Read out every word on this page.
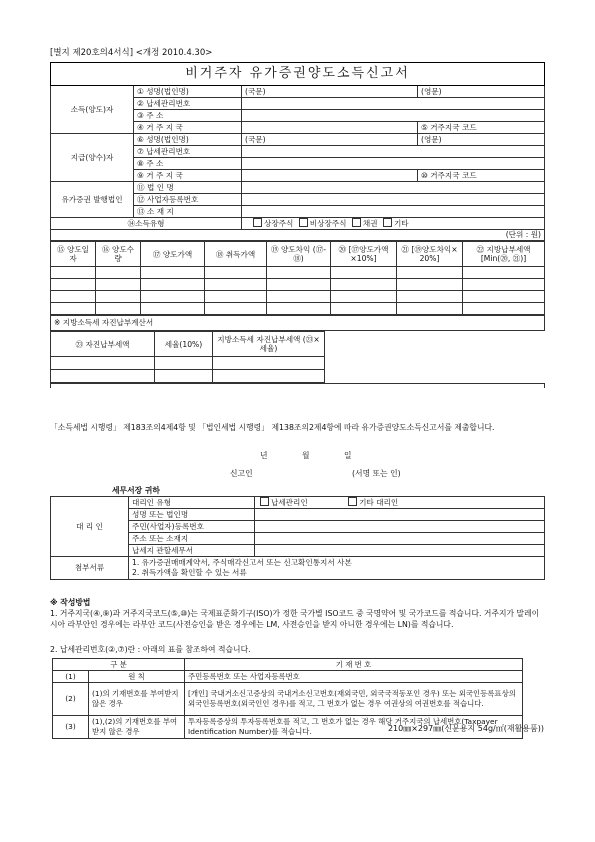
[별지 제20호의4서식] <개정 2010.4.30>
비거주자 유가증권양도소득신고서			
소득(양도)자	① 성명(법인명)	(국문)	(영문)
	② 납세관리번호		
	③ 주 소		
	④ 거 주 지 국		⑤ 거주지국 코드
지급(양수)자	⑥ 성명(법인명)	(국문)	(영문)
	⑦ 납세관리번호		
	⑧ 주 소		
	⑨ 거 주 지 국		⑩ 거주지국 코드
유가증권 발행법인	⑪ 법 인 명		
	⑫ 사업자등록번호		
	⑬ 소 재 지		
⑭소득유형		상장주식 비상장주식 채권 기타	
(단위 : 원)			
⑮ 양도일자	⑯ 양도수량	⑰ 양도가액	⑱ 취득가액	⑲ 양도차익 (⑰-⑱)	⑳ [⑰양도가액 ×10%]	㉑ [⑲양도차익× 20%]	㉒ 지방납부세액 [Min(⑳, ㉑)]

※ 지방소득세 자진납부계산서
㉓ 자진납부세액	세율(10%)	지방소득세 자진납부세액 (㉓×세율)

「소득세법 시행령」 제183조의4제4항 및 「법인세법 시행령」 제138조의2제4항에 따라 유가증권양도소득신고서를 제출합니다.
년 월 일
신고인	(서명 또는 인)
세무서장 귀하
대 리 인	대리인 유형	납세관리인 기타 대리인
	성명 또는 법인명	
	주민(사업자)등록번호	
	주소 또는 소재지	
	납세지 관할세무서	
첨부서류	1. 유가증권매매계약서, 주식매각신고서 또는 신고확인통지서 사본
2. 취득가액을 확인할 수 있는 서류	
※ 작성방법
1. 거주지국(④,⑨)과 거주지국코드(⑤,⑩)는 국제표준화기구(ISO)가 정한 국가별 ISO코드 중 국명약어 및 국가코드를 적습니다. 거주지가 말레이시아 라부안인 경우에는 라부안 코드(사전승인을 받은 경우에는 LM, 사전승인을 받지 아니한 경우에는 LN)를 적습니다.
2. 납세관리번호(②,⑦)란 : 아래의 표를 참조하여 적습니다.
구 분		기 재 번 호
(1)	원 칙	주민등록번호 또는 사업자등록번호
(2)	(1)의 기재번호를 부여받지 않은 경우	[개인] 국내거소신고증상의 국내거소신고번호(재외국민, 외국국적동포인 경우) 또는 외국인등록표상의 외국인등록번호(외국인인 경우)를 적고, 그 번호가 없는 경우 여권상의 여권번호를 적습니다.
(3)	(1),(2)의 기재번호를 부여받지 않은 경우	투자등록증상의 투자등록번호를 적고, 그 번호가 없는 경우 해당 거주지국의 납세번호(Taxpayer Identification Number)를 적습니다.	210㎜×297㎜(신문용지 54g/㎡(재활용품))
